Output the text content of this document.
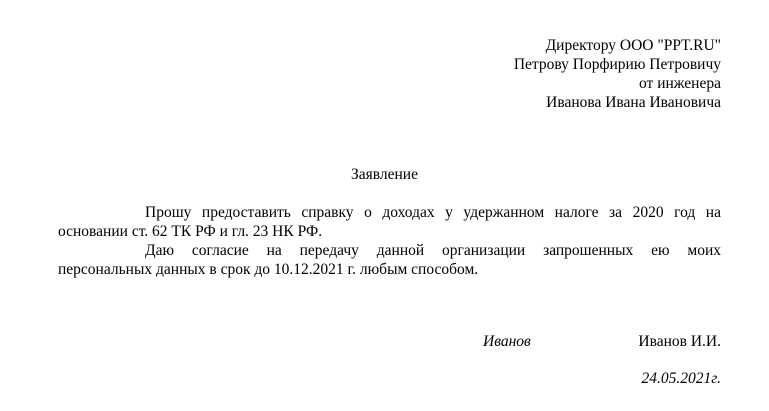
Директору ООО "PPT.RU"
Петрову Порфирию Петровичу
от инженера
Иванова Ивана Ивановича
Заявление
Прошу предоставить справку о доходах у удержанном налоге за 2020 год на
основании ст. 62 ТК РФ и гл. 23 НК РФ.
Даю согласие на передачу данной организации запрошенных ею моих
персональных данных в срок до 10.12.2021 г. любым способом.
Иванов	Иванов И.И.
24.05.2021г.
